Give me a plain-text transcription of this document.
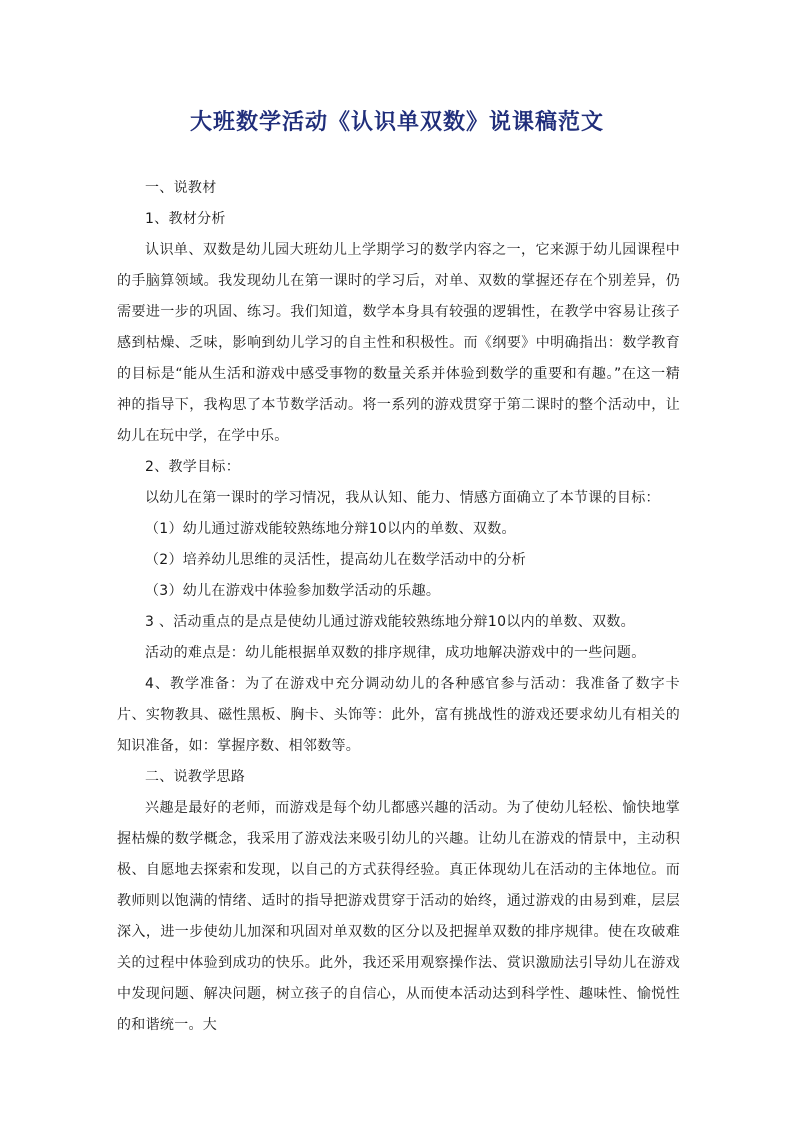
大班数学活动《认识单双数》说课稿范文

一、说教材

1、教材分析

认识单、双数是幼儿园大班幼儿上学期学习的数学内容之一，它来源于幼儿园课程中的手脑算领域。我发现幼儿在第一课时的学习后，对单、双数的掌握还存在个别差异，仍需要进一步的巩固、练习。我们知道，数学本身具有较强的逻辑性，在教学中容易让孩子感到枯燥、乏味，影响到幼儿学习的自主性和积极性。而《纲要》中明确指出：数学教育的目标是“能从生活和游戏中感受事物的数量关系并体验到数学的重要和有趣。”在这一精神的指导下，我构思了本节数学活动。将一系列的游戏贯穿于第二课时的整个活动中，让幼儿在玩中学，在学中乐。

2、教学目标：

以幼儿在第一课时的学习情况，我从认知、能力、情感方面确立了本节课的目标：

（1）幼儿通过游戏能较熟练地分辩10以内的单数、双数。

（2）培养幼儿思维的灵活性，提高幼儿在数学活动中的分析

（3）幼儿在游戏中体验参加数学活动的乐趣。

3 、活动重点的是点是使幼儿通过游戏能较熟练地分辩10以内的单数、双数。

活动的难点是：幼儿能根据单双数的排序规律，成功地解决游戏中的一些问题。

4、教学准备：为了在游戏中充分调动幼儿的各种感官参与活动：我准备了数字卡片、实物教具、磁性黑板、胸卡、头饰等：此外，富有挑战性的游戏还要求幼儿有相关的知识准备，如：掌握序数、相邻数等。

二、说教学思路

兴趣是最好的老师，而游戏是每个幼儿都感兴趣的活动。为了使幼儿轻松、愉快地掌握枯燥的数学概念，我采用了游戏法来吸引幼儿的兴趣。让幼儿在游戏的情景中，主动积极、自愿地去探索和发现，以自己的方式获得经验。真正体现幼儿在活动的主体地位。而教师则以饱满的情绪、适时的指导把游戏贯穿于活动的始终，通过游戏的由易到难，层层深入，进一步使幼儿加深和巩固对单双数的区分以及把握单双数的排序规律。使在攻破难关的过程中体验到成功的快乐。此外，我还采用观察操作法、赏识激励法引导幼儿在游戏中发现问题、解决问题，树立孩子的自信心，从而使本活动达到科学性、趣味性、愉悦性的和谐统一。大
